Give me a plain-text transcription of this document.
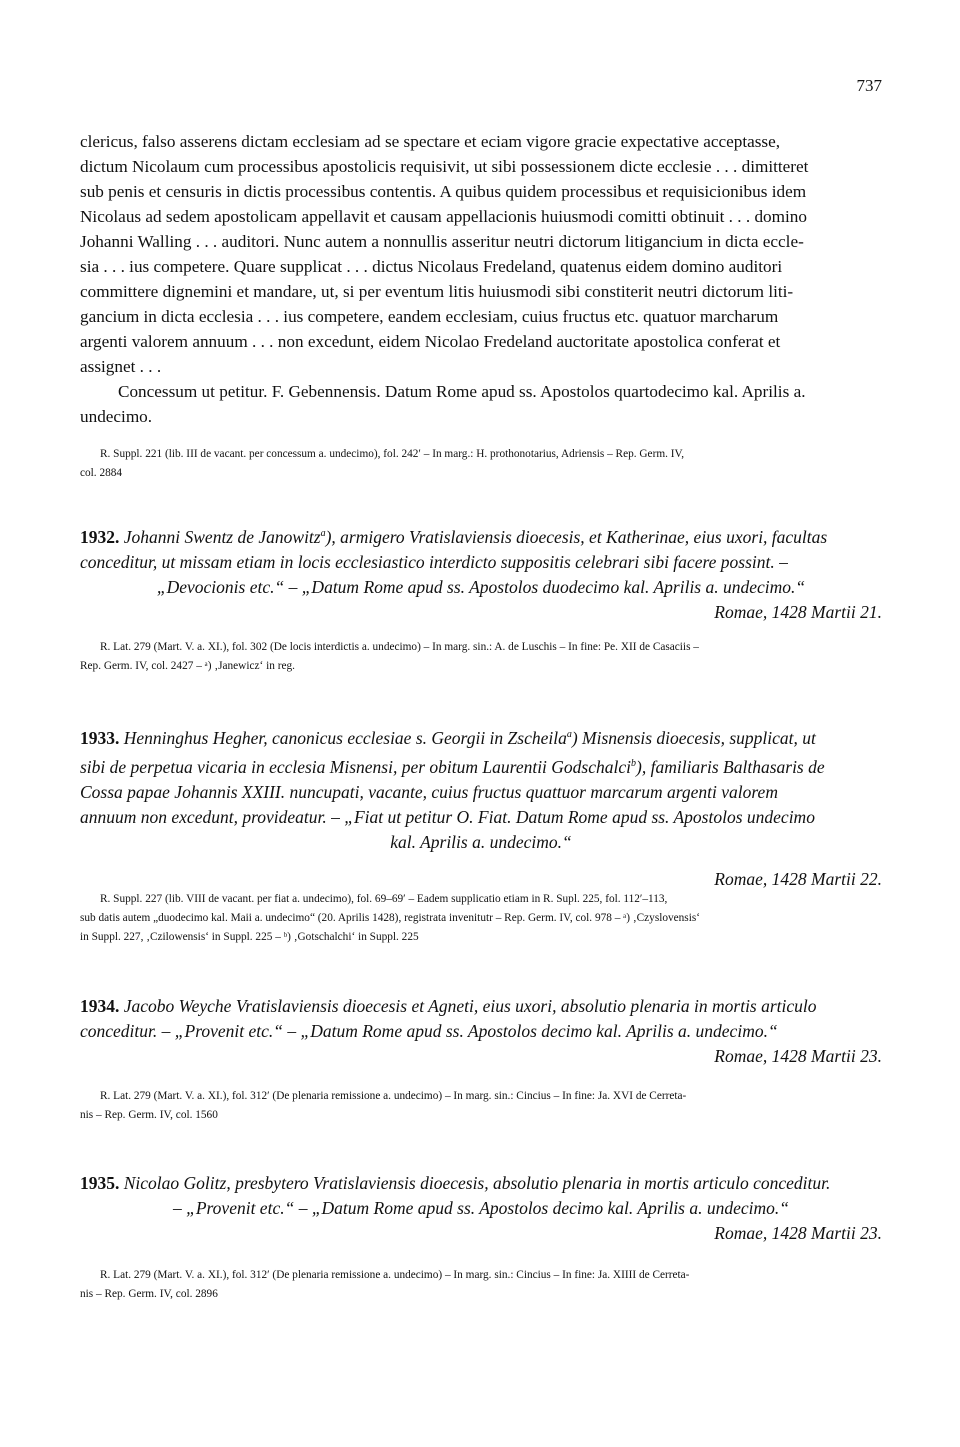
737

clericus, falso asserens dictam ecclesiam ad se spectare et eciam vigore gracie expectative acceptasse,

dictum Nicolaum cum processibus apostolicis requisivit, ut sibi possessionem dicte ecclesie . . . dimitteret

sub penis et censuris in dictis processibus contentis. A quibus quidem processibus et requisicionibus idem

Nicolaus ad sedem apostolicam appellavit et causam appellacionis huiusmodi comitti obtinuit . . . domino

Johanni Walling . . . auditori. Nunc autem a nonnullis asseritur neutri dictorum litigancium in dicta eccle-

sia . . . ius competere. Quare supplicat . . . dictus Nicolaus Fredeland, quatenus eidem domino auditori

committere dignemini et mandare, ut, si per eventum litis huiusmodi sibi constiterit neutri dictorum liti-

gancium in dicta ecclesia . . . ius competere, eandem ecclesiam, cuius fructus etc. quatuor marcharum

argenti valorem annuum . . . non excedunt, eidem Nicolao Fredeland auctoritate apostolica conferat et

assignet . . .

Concessum ut petitur. F. Gebennensis. Datum Rome apud ss. Apostolos quartodecimo kal. Aprilis a.

undecimo.

R. Suppl. 221 (lib. III de vacant. per concessum a. undecimo), fol. 242′ – In marg.: H. prothonotarius, Adriensis – Rep. Germ. IV,

col. 2884

1932. Johanni Swentz de Janowitz$^a$), armigero Vratislaviensis dioecesis, et Katherinae, eius uxori, facultas

conceditur, ut missam etiam in locis ecclesiastico interdicto suppositis celebrari sibi facere possint. –

„Devocionis etc.“ – „Datum Rome apud ss. Apostolos duodecimo kal. Aprilis a. undecimo.“

Romae, 1428 Martii 21.

R. Lat. 279 (Mart. V. a. XI.), fol. 302 (De locis interdictis a. undecimo) – In marg. sin.: A. de Luschis – In fine: Pe. XII de Casaciis –

Rep. Germ. IV, col. 2427 – ᵃ) ‚Janewicz‘ in reg.

1933. Henninghus Hegher, canonicus ecclesiae s. Georgii in Zscheila$^a$) Misnensis dioecesis, supplicat, ut

sibi de perpetua vicaria in ecclesia Misnensi, per obitum Laurentii Godschalci$^b$), familiaris Balthasaris de

Cossa papae Johannis XXIII. nuncupati, vacante, cuius fructus quattuor marcarum argenti valorem

annuum non excedunt, provideatur. – „Fiat ut petitur O. Fiat. Datum Rome apud ss. Apostolos undecimo

kal. Aprilis a. undecimo.“

Romae, 1428 Martii 22.

R. Suppl. 227 (lib. VIII de vacant. per fiat a. undecimo), fol. 69–69′ – Eadem supplicatio etiam in R. Supl. 225, fol. 112′–113,

sub datis autem „duodecimo kal. Maii a. undecimo“ (20. Aprilis 1428), registrata invenitutr – Rep. Germ. IV, col. 978 – ᵃ) ‚Czyslovensis‘

in Suppl. 227, ‚Czilowensis‘ in Suppl. 225 – ᵇ) ‚Gotschalchi‘ in Suppl. 225

1934. Jacobo Weyche Vratislaviensis dioecesis et Agneti, eius uxori, absolutio plenaria in mortis articulo

conceditur. – „Provenit etc.“ – „Datum Rome apud ss. Apostolos decimo kal. Aprilis a. undecimo.“

Romae, 1428 Martii 23.

R. Lat. 279 (Mart. V. a. XI.), fol. 312′ (De plenaria remissione a. undecimo) – In marg. sin.: Cincius – In fine: Ja. XVI de Cerreta-

nis – Rep. Germ. IV, col. 1560

1935. Nicolao Golitz, presbytero Vratislaviensis dioecesis, absolutio plenaria in mortis articulo conceditur.

– „Provenit etc.“ – „Datum Rome apud ss. Apostolos decimo kal. Aprilis a. undecimo.“

Romae, 1428 Martii 23.

R. Lat. 279 (Mart. V. a. XI.), fol. 312′ (De plenaria remissione a. undecimo) – In marg. sin.: Cincius – In fine: Ja. XIIII de Cerreta-

nis – Rep. Germ. IV, col. 2896
